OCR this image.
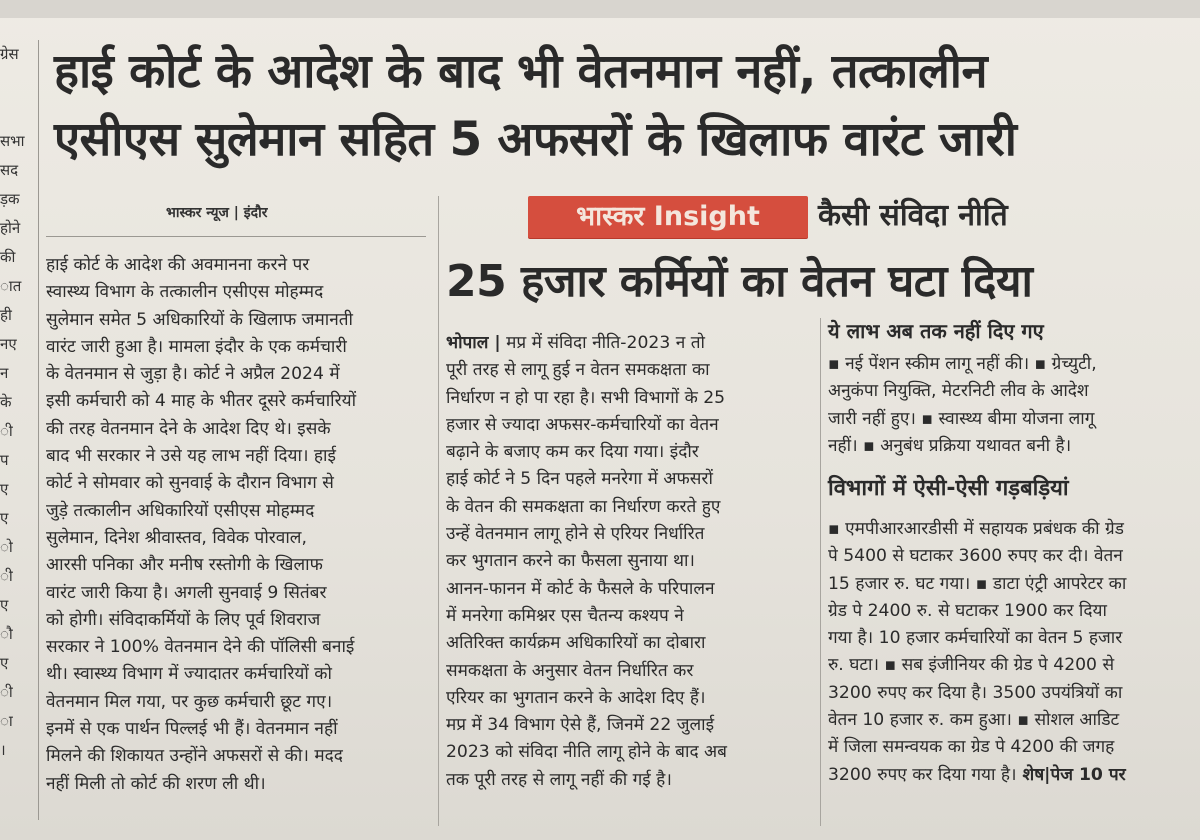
ग्रेस

सभा
सद
ड़क
होने
की
ात
ही
नए
न
के
ी
प
ए
ए
ो
ी
ए
ौ
ए
ी
ा
।
हाई कोर्ट के आदेश के बाद भी वेतनमान नहीं, तत्कालीन
एसीएस सुलेमान सहित 5 अफसरों के खिलाफ वारंट जारी
भास्कर न्यूज | इंदौर
हाई कोर्ट के आदेश की अवमानना करने पर
स्वास्थ्य विभाग के तत्कालीन एसीएस मोहम्मद
सुलेमान समेत 5 अधिकारियों के खिलाफ जमानती
वारंट जारी हुआ है। मामला इंदौर के एक कर्मचारी
के वेतनमान से जुड़ा है। कोर्ट ने अप्रैल 2024 में
इसी कर्मचारी को 4 माह के भीतर दूसरे कर्मचारियों
की तरह वेतनमान देने के आदेश दिए थे। इसके
बाद भी सरकार ने उसे यह लाभ नहीं दिया। हाई
कोर्ट ने सोमवार को सुनवाई के दौरान विभाग से
जुड़े तत्कालीन अधिकारियों एसीएस मोहम्मद
सुलेमान, दिनेश श्रीवास्तव, विवेक पोरवाल,
आरसी पनिका और मनीष रस्तोगी के खिलाफ
वारंट जारी किया है। अगली सुनवाई 9 सितंबर
को होगी। संविदाकर्मियों के लिए पूर्व शिवराज
सरकार ने 100% वेतनमान देने की पॉलिसी बनाई
थी। स्वास्थ्य विभाग में ज्यादातर कर्मचारियों को
वेतनमान मिल गया, पर कुछ कर्मचारी छूट गए।
इनमें से एक पार्थन पिल्लई भी हैं। वेतनमान नहीं
मिलने की शिकायत उन्होंने अफसरों से की। मदद
नहीं मिली तो कोर्ट की शरण ली थी।
भास्कर Insight	कैसी संविदा नीति
25 हजार कर्मियों का वेतन घटा दिया
भोपाल | मप्र में संविदा नीति-2023 न तो
पूरी तरह से लागू हुई न वेतन समकक्षता का
निर्धारण न हो पा रहा है। सभी विभागों के 25
हजार से ज्यादा अफसर-कर्मचारियों का वेतन
बढ़ाने के बजाए कम कर दिया गया। इंदौर
हाई कोर्ट ने 5 दिन पहले मनरेगा में अफसरों
के वेतन की समकक्षता का निर्धारण करते हुए
उन्हें वेतनमान लागू होने से एरियर निर्धारित
कर भुगतान करने का फैसला सुनाया था।
आनन-फानन में कोर्ट के फैसले के परिपालन
में मनरेगा कमिश्नर एस चैतन्य कश्यप ने
अतिरिक्त कार्यक्रम अधिकारियों का दोबारा
समकक्षता के अनुसार वेतन निर्धारित कर
एरियर का भुगतान करने के आदेश दिए हैं।
मप्र में 34 विभाग ऐसे हैं, जिनमें 22 जुलाई
2023 को संविदा नीति लागू होने के बाद अब
तक पूरी तरह से लागू नहीं की गई है।
ये लाभ अब तक नहीं दिए गए
▪ नई पेंशन स्कीम लागू नहीं की। ▪ ग्रेच्युटी,
अनुकंपा नियुक्ति, मेटरनिटी लीव के आदेश
जारी नहीं हुए। ▪ स्वास्थ्य बीमा योजना लागू
नहीं। ▪ अनुबंध प्रक्रिया यथावत बनी है।
विभागों में ऐसी-ऐसी गड़बड़ियां
▪ एमपीआरआरडीसी में सहायक प्रबंधक की ग्रेड
पे 5400 से घटाकर 3600 रुपए कर दी। वेतन
15 हजार रु. घट गया। ▪ डाटा एंट्री आपरेटर का
ग्रेड पे 2400 रु. से घटाकर 1900 कर दिया
गया है। 10 हजार कर्मचारियों का वेतन 5 हजार
रु. घटा। ▪ सब इंजीनियर की ग्रेड पे 4200 से
3200 रुपए कर दिया है। 3500 उपयंत्रियों का
वेतन 10 हजार रु. कम हुआ। ▪ सोशल आडिट
में जिला समन्वयक का ग्रेड पे 4200 की जगह
3200 रुपए कर दिया गया है। शेष|पेज 10 पर
